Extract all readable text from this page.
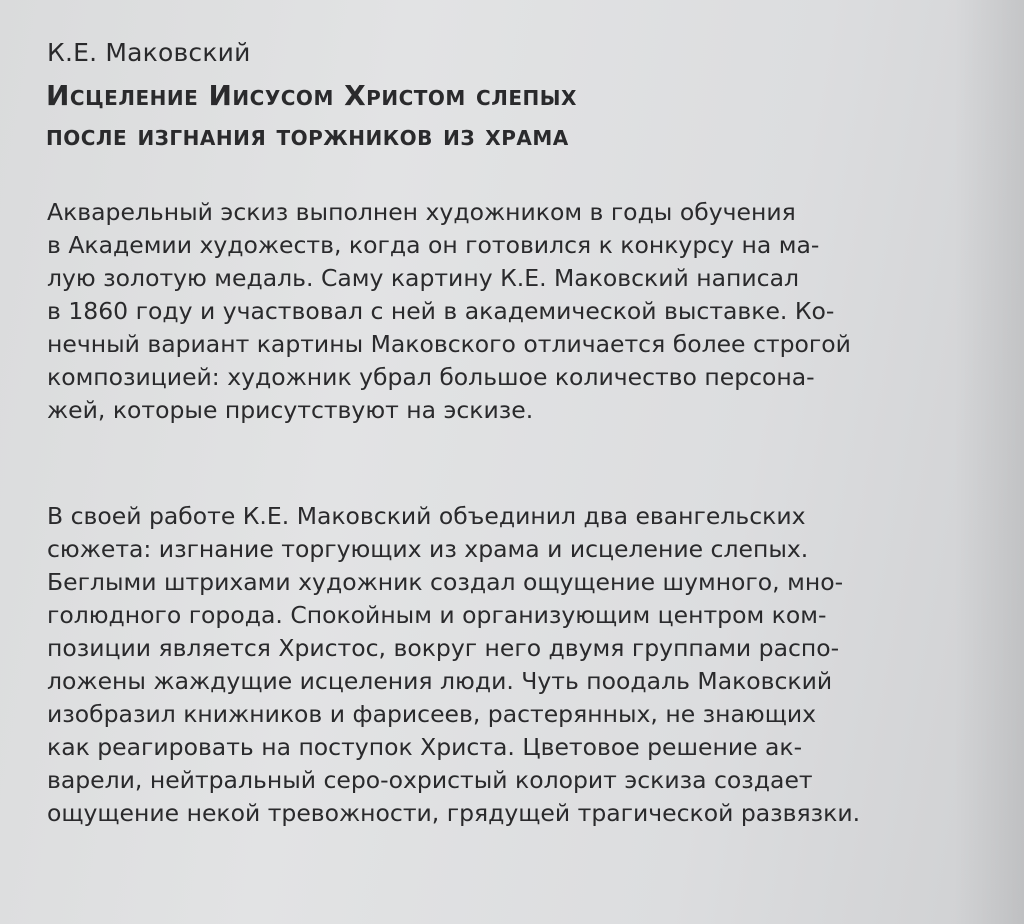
К.Е. Маковский
Исцеление Иисусом Христом слепых
после изгнания торжников из храма
Акварельный эскиз выполнен художником в годы обучения
в Академии художеств, когда он готовился к конкурсу на ма-
лую золотую медаль. Саму картину К.Е. Маковский написал
в 1860 году и участвовал с ней в академической выставке. Ко-
нечный вариант картины Маковского отличается более строгой
композицией: художник убрал большое количество персона-
жей, которые присутствуют на эскизе.
В своей работе К.Е. Маковский объединил два евангельских
сюжета: изгнание торгующих из храма и исцеление слепых.
Беглыми штрихами художник создал ощущение шумного, мно-
голюдного города. Спокойным и организующим центром ком-
позиции является Христос, вокруг него двумя группами распо-
ложены жаждущие исцеления люди. Чуть поодаль Маковский
изобразил книжников и фарисеев, растерянных, не знающих
как реагировать на поступок Христа. Цветовое решение ак-
варели, нейтральный серо-охристый колорит эскиза создает
ощущение некой тревожности, грядущей трагической развязки.
